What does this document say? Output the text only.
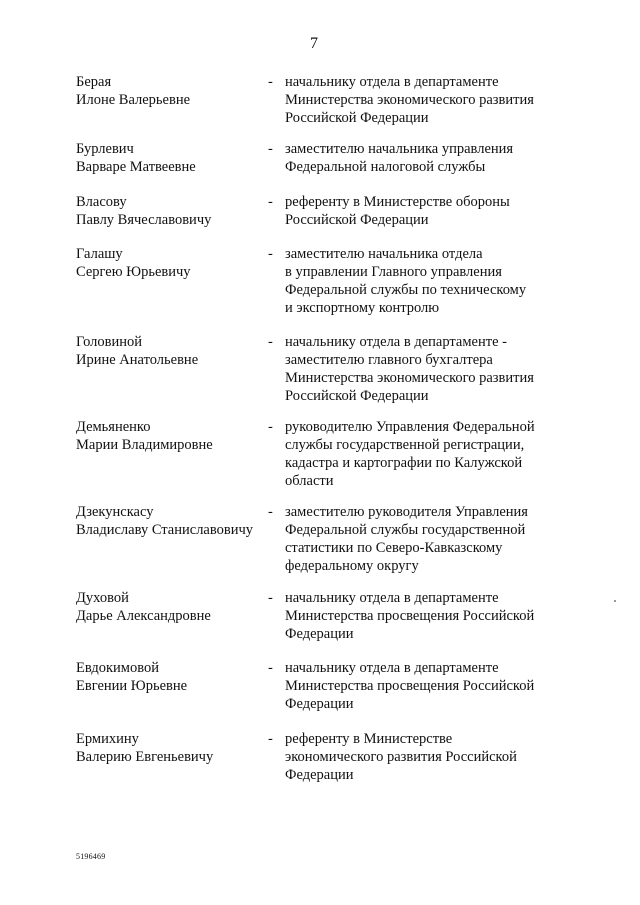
7
Берая
Илоне Валерьевне
- начальнику отдела в департаменте
Министерства экономического развития
Российской Федерации
Бурлевич
Варваре Матвеевне
- заместителю начальника управления
Федеральной налоговой службы
Власову
Павлу Вячеславовичу
- референту в Министерстве обороны
Российской Федерации
Галашу
Сергею Юрьевичу
- заместителю начальника отдела
в управлении Главного управления
Федеральной службы по техническому
и экспортному контролю
Головиной
Ирине Анатольевне
- начальнику отдела в департаменте -
заместителю главного бухгалтера
Министерства экономического развития
Российской Федерации
Демьяненко
Марии Владимировне
- руководителю Управления Федеральной
службы государственной регистрации,
кадастра и картографии по Калужской
области
Дзекунскасу
Владиславу Станиславовичу
- заместителю руководителя Управления
Федеральной службы государственной
статистики по Северо-Кавказскому
федеральному округу
Духовой
Дарье Александровне
- начальнику отдела в департаменте
Министерства просвещения Российской
Федерации
Евдокимовой
Евгении Юрьевне
- начальнику отдела в департаменте
Министерства просвещения Российской
Федерации
Ермихину
Валерию Евгеньевичу
- референту в Министерстве
экономического развития Российской
Федерации
5196469
